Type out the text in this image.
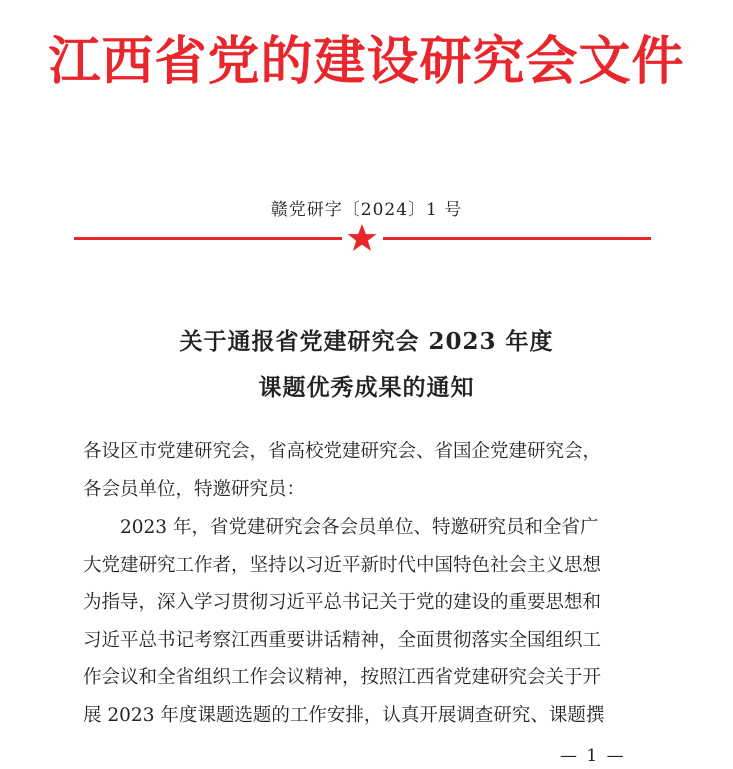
江西省党的建设研究会文件
赣党研字〔2024〕1 号
关于通报省党建研究会 2023 年度
课题优秀成果的通知
各设区市党建研究会，省高校党建研究会、省国企党建研究会，
各会员单位，特邀研究员：
2023 年，省党建研究会各会员单位、特邀研究员和全省广
大党建研究工作者，坚持以习近平新时代中国特色社会主义思想
为指导，深入学习贯彻习近平总书记关于党的建设的重要思想和
习近平总书记考察江西重要讲话精神，全面贯彻落实全国组织工
作会议和全省组织工作会议精神，按照江西省党建研究会关于开
展 2023 年度课题选题的工作安排，认真开展调查研究、课题撰
— 1 —
